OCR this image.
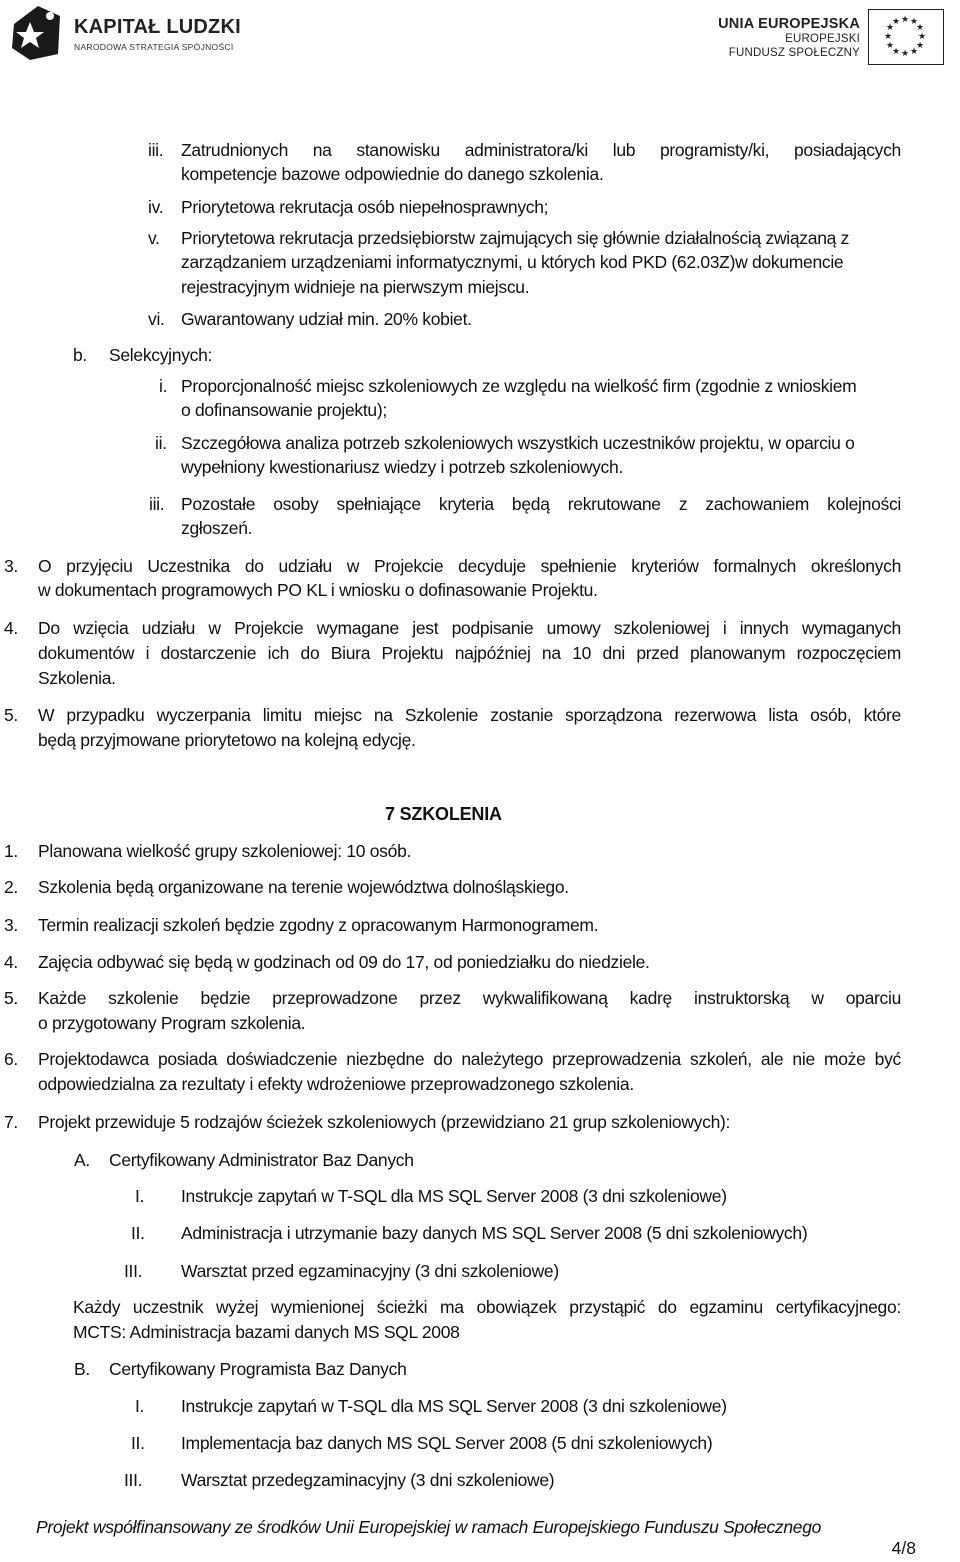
KAPITAŁ LUDZKI
NARODOWA STRATEGIA SPÓJNOŚCI
UNIA EUROPEJSKA
EUROPEJSKI
FUNDUSZ SPOŁECZNY
★ ★
★
★
★
★
★
★
★
★
★
★
iii. Zatrudnionych na stanowisku administratora/ki lub programisty/ki, posiadających
kompetencje bazowe odpowiednie do danego szkolenia.
iv. Priorytetowa rekrutacja osób niepełnosprawnych;
v. Priorytetowa rekrutacja przedsiębiorstw zajmujących się głównie działalnością związaną z
zarządzaniem urządzeniami informatycznymi, u których kod PKD (62.03Z)w dokumencie
rejestracyjnym widnieje na pierwszym miejscu.
vi. Gwarantowany udział min. 20% kobiet.
b. Selekcyjnych:
i. Proporcjonalność miejsc szkoleniowych ze względu na wielkość firm (zgodnie z wnioskiem
o dofinansowanie projektu);
ii. Szczegółowa analiza potrzeb szkoleniowych wszystkich uczestników projektu, w oparciu o
wypełniony kwestionariusz wiedzy i potrzeb szkoleniowych.
iii. Pozostałe osoby spełniające kryteria będą rekrutowane z zachowaniem kolejności
zgłoszeń.
3. O przyjęciu Uczestnika do udziału w Projekcie decyduje spełnienie kryteriów formalnych określonych
w dokumentach programowych PO KL i wniosku o dofinasowanie Projektu.
4. Do wzięcia udziału w Projekcie wymagane jest podpisanie umowy szkoleniowej i innych wymaganych
dokumentów i dostarczenie ich do Biura Projektu najpóźniej na 10 dni przed planowanym rozpoczęciem
Szkolenia.
5. W przypadku wyczerpania limitu miejsc na Szkolenie zostanie sporządzona rezerwowa lista osób, które
będą przyjmowane priorytetowo na kolejną edycję.
7 SZKOLENIA
1. Planowana wielkość grupy szkoleniowej: 10 osób.
2. Szkolenia będą organizowane na terenie województwa dolnośląskiego.
3. Termin realizacji szkoleń będzie zgodny z opracowanym Harmonogramem.
4. Zajęcia odbywać się będą w godzinach od 09 do 17, od poniedziałku do niedziele.
5. Każde szkolenie będzie przeprowadzone przez wykwalifikowaną kadrę instruktorską w oparciu
o przygotowany Program szkolenia.
6. Projektodawca posiada doświadczenie niezbędne do należytego przeprowadzenia szkoleń, ale nie może być
odpowiedzialna za rezultaty i efekty wdrożeniowe przeprowadzonego szkolenia.
7. Projekt przewiduje 5 rodzajów ścieżek szkoleniowych (przewidziano 21 grup szkoleniowych):
A. Certyfikowany Administrator Baz Danych
I. Instrukcje zapytań w T-SQL dla MS SQL Server 2008 (3 dni szkoleniowe)
II. Administracja i utrzymanie bazy danych MS SQL Server 2008 (5 dni szkoleniowych)
III. Warsztat przed egzaminacyjny (3 dni szkoleniowe)
Każdy uczestnik wyżej wymienionej ścieżki ma obowiązek przystąpić do egzaminu certyfikacyjnego:
MCTS: Administracja bazami danych MS SQL 2008
B. Certyfikowany Programista Baz Danych
I. Instrukcje zapytań w T-SQL dla MS SQL Server 2008 (3 dni szkoleniowe)
II. Implementacja baz danych MS SQL Server 2008 (5 dni szkoleniowych)
III. Warsztat przedegzaminacyjny (3 dni szkoleniowe)
Projekt współfinansowany ze środków Unii Europejskiej w ramach Europejskiego Funduszu Społecznego
4/8
